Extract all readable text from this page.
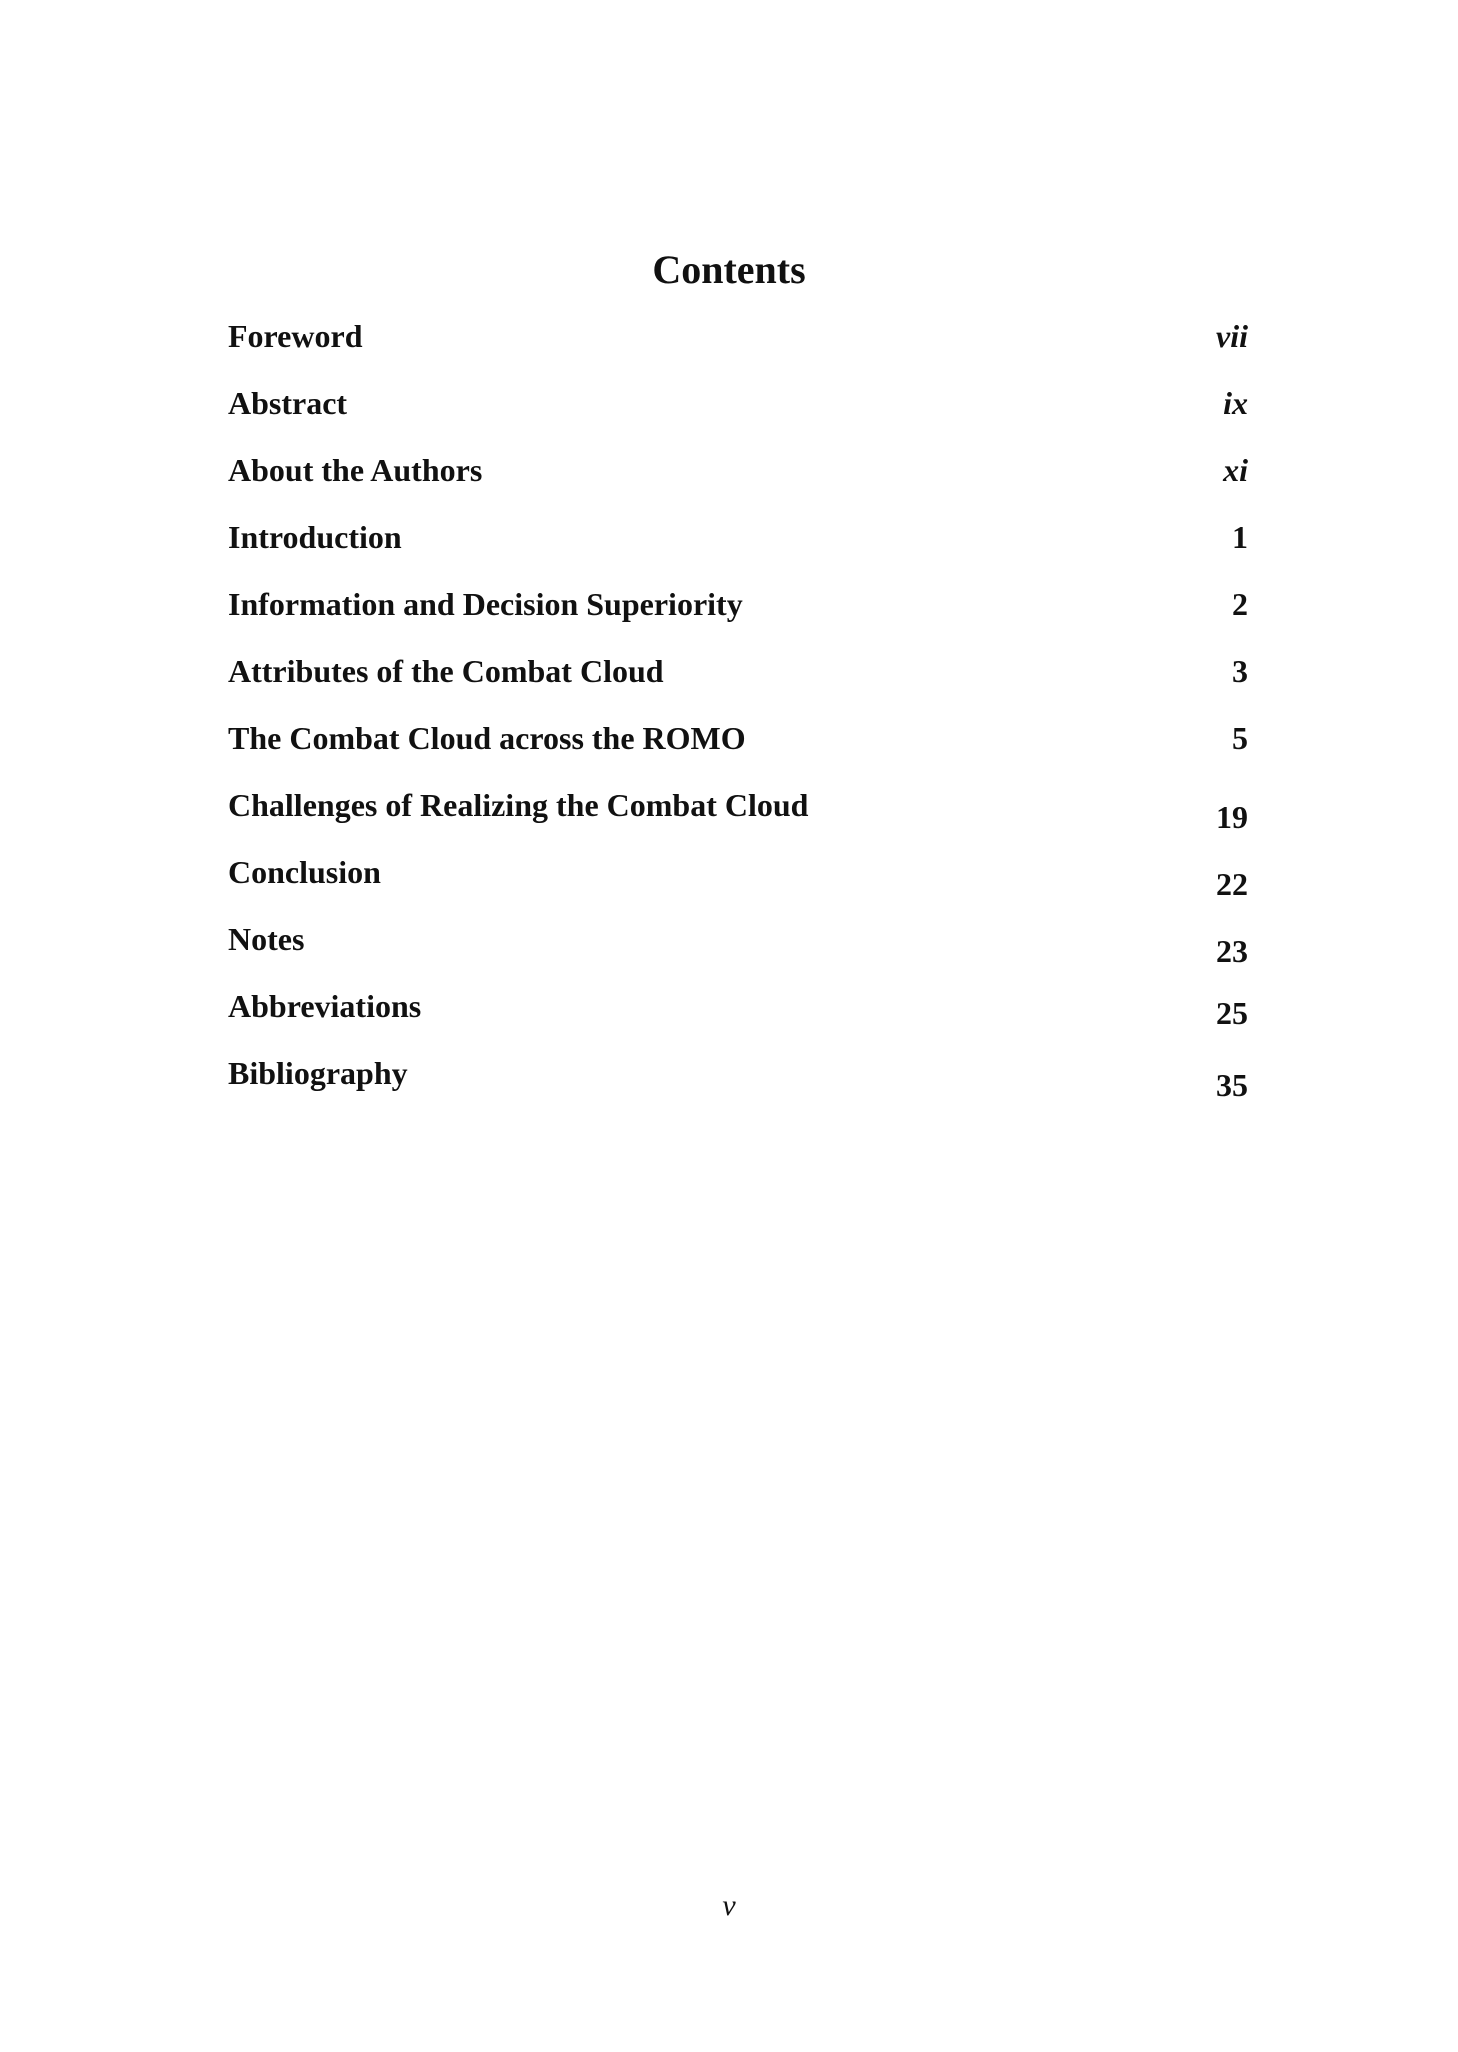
Contents
Foreword	vii
Abstract	ix
About the Authors	xi
Introduction	1
Information and Decision Superiority	2
Attributes of the Combat Cloud	3
The Combat Cloud across the ROMO	5
Challenges of Realizing the Combat Cloud	19
Conclusion	22
Notes	23
Abbreviations	25
Bibliography	35
v
